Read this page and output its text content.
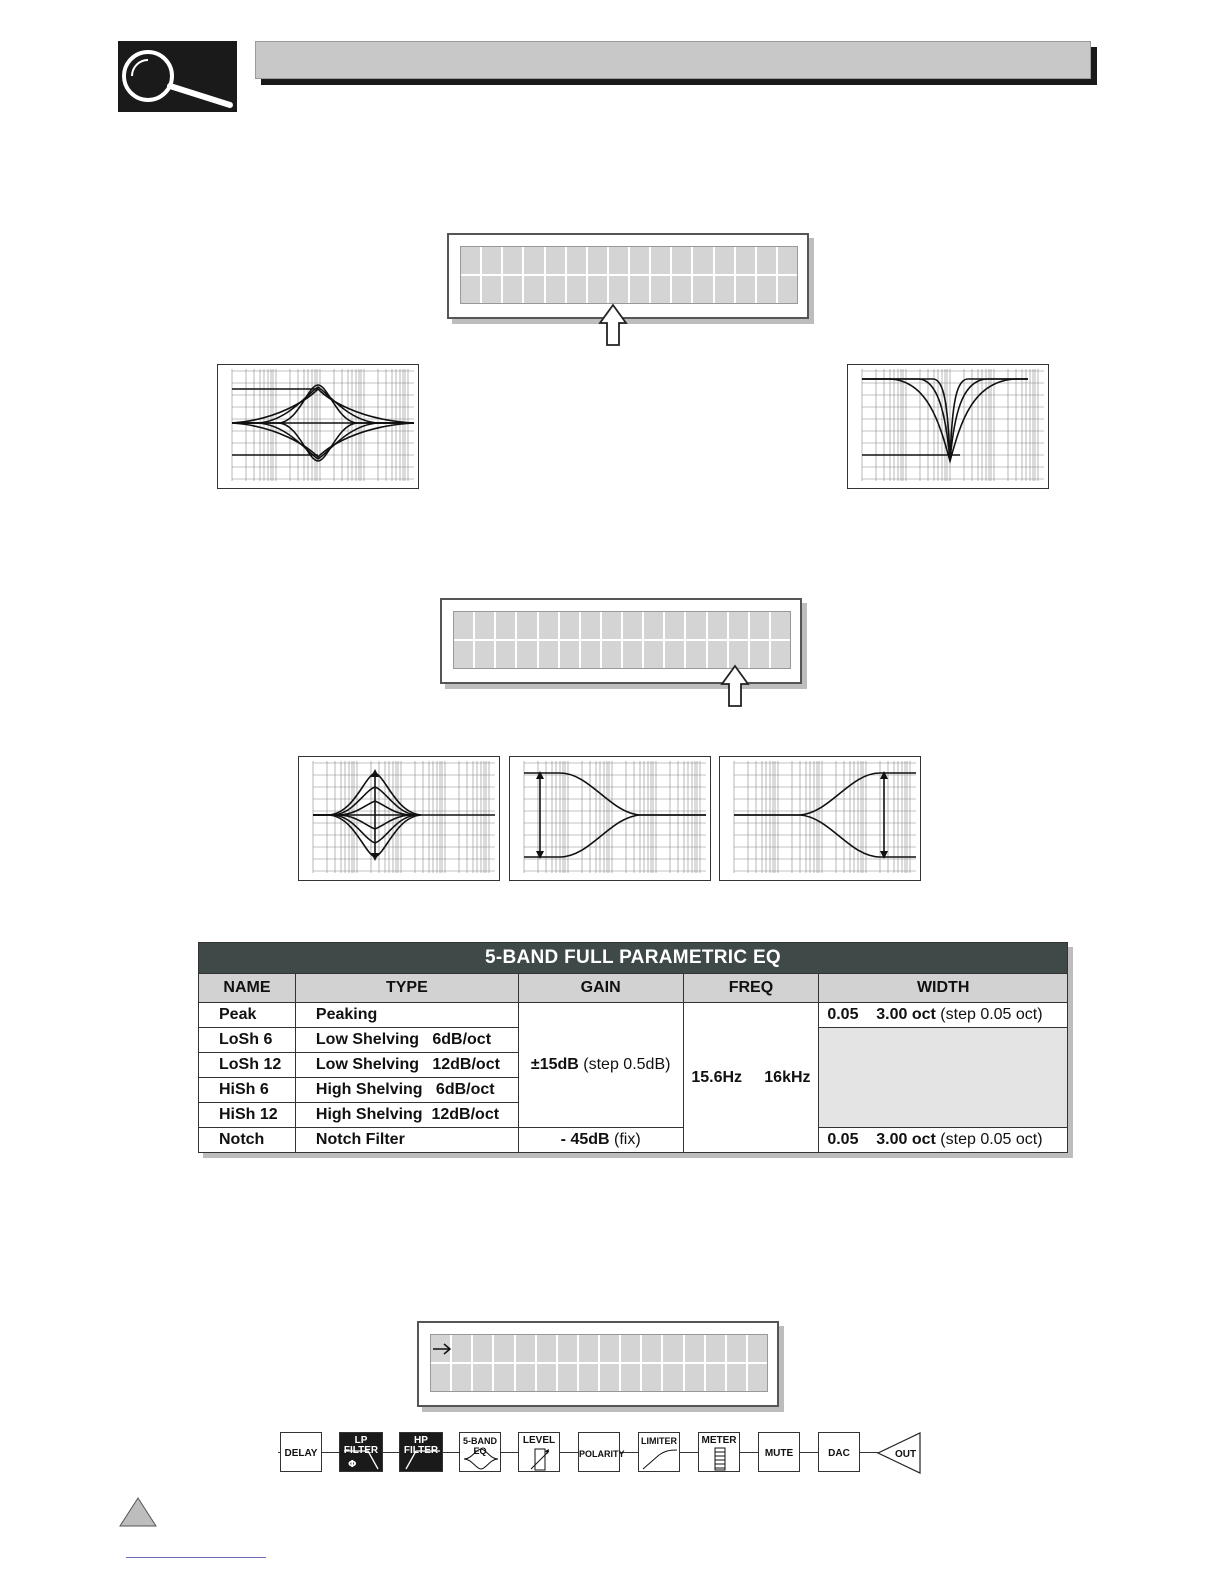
5-BAND FULL PARAMETRIC EQ				
NAME	TYPE	GAIN	FREQ	WIDTH
Peak	Peaking	±15dB (step 0.5dB)	15.6Hz 16kHz	0.05    3.00 oct (step 0.05 oct)
LoSh 6	Low Shelving   6dB/oct			
LoSh 12	Low Shelving   12dB/oct			
HiSh 6	High Shelving   6dB/oct			
HiSh 12	High Shelving  12dB/oct			
Notch	Notch Filter	- 45dB (fix)		0.05    3.00 oct (step 0.05 oct)
DELAY
LP FILTER
Φ
HP FILTER
5-BAND EQ
LEVEL
POLARITY
LIMITER METER
MUTE	DAC	OUT
